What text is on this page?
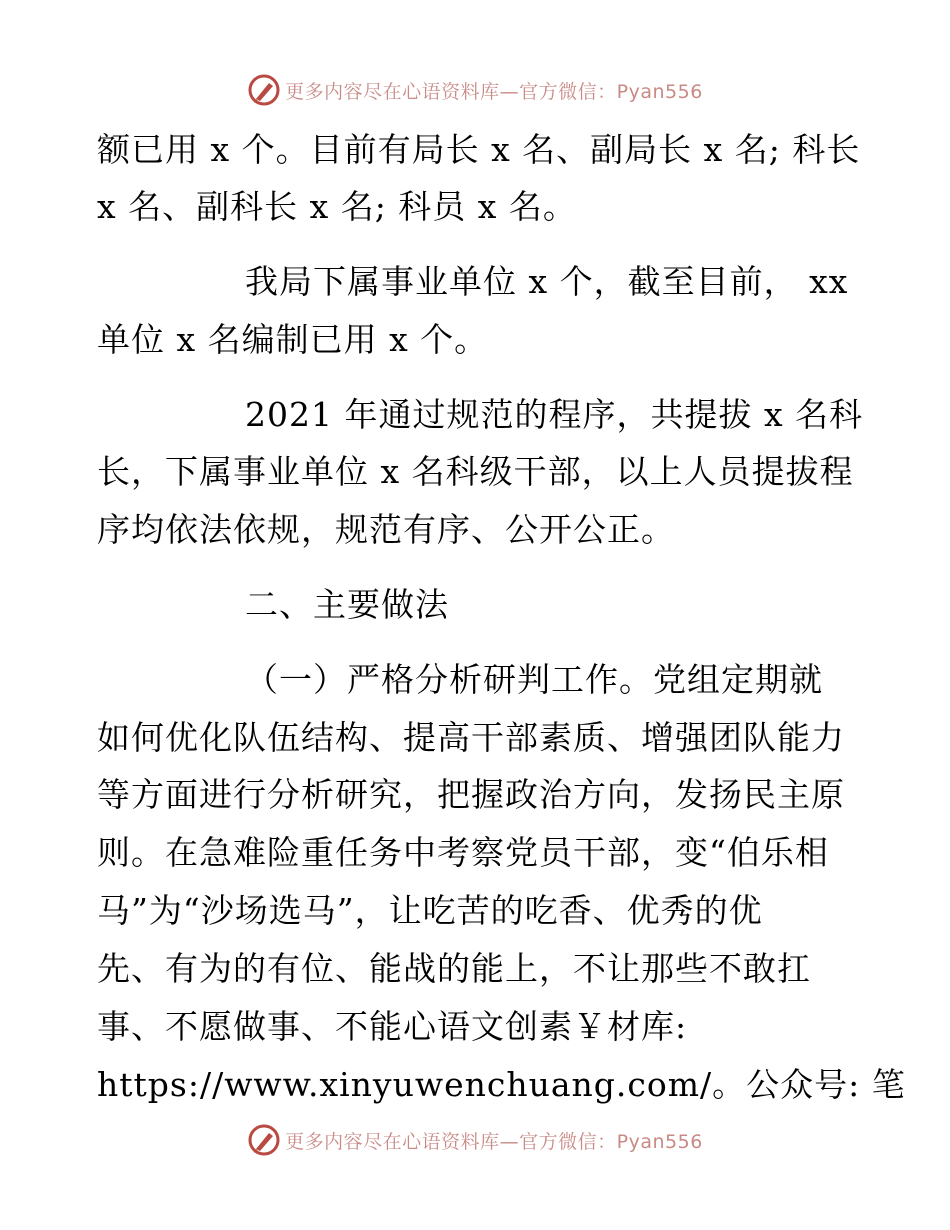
更多内容尽在心语资料库—官方微信：Pyan556
额已用 x 个。目前有局长 x 名、副局长 x 名; 科长
x 名、副科长 x 名; 科员 x 名。
我局下属事业单位 x 个，截至目前， xx
单位 x 名编制已用 x 个。
2021 年通过规范的程序，共提拔 x 名科
长，下属事业单位 x 名科级干部，以上人员提拔程
序均依法依规，规范有序、公开公正。
二、主要做法
（一）严格分析研判工作。党组定期就
如何优化队伍结构、提高干部素质、增强团队能力
等方面进行分析研究，把握政治方向，发扬民主原
则。在急难险重任务中考察党员干部，变“伯乐相
马”为“沙场选马”，让吃苦的吃香、优秀的优
先、有为的有位、能战的能上，不让那些不敢扛
事、不愿做事、不能心语文创素￥材库:
https://www.xinyuwenchuang.com/。公众号: 笔
更多内容尽在心语资料库—官方微信：Pyan556
